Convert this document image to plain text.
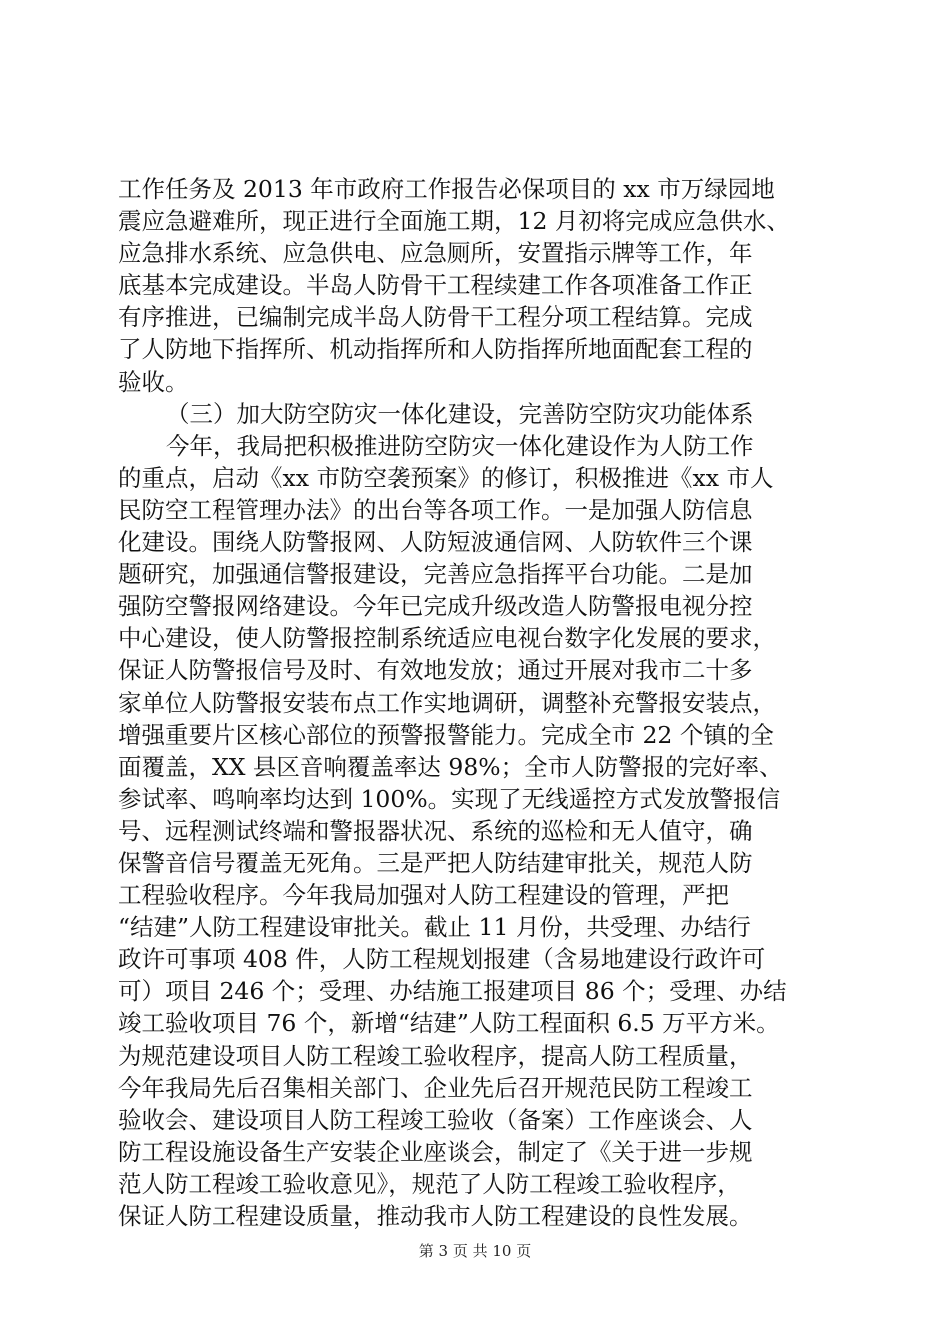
工作任务及 2013 年市政府工作报告必保项目的 xx 市万绿园地
震应急避难所，现正进行全面施工期，12 月初将完成应急供水、
应急排水系统、应急供电、应急厕所，安置指示牌等工作，年
底基本完成建设。半岛人防骨干工程续建工作各项准备工作正
有序推进，已编制完成半岛人防骨干工程分项工程结算。完成
了人防地下指挥所、机动指挥所和人防指挥所地面配套工程的
验收。
（三）加大防空防灾一体化建设，完善防空防灾功能体系
今年，我局把积极推进防空防灾一体化建设作为人防工作
的重点，启动《xx 市防空袭预案》的修订，积极推进《xx 市人
民防空工程管理办法》的出台等各项工作。一是加强人防信息
化建设。围绕人防警报网、人防短波通信网、人防软件三个课
题研究，加强通信警报建设，完善应急指挥平台功能。二是加
强防空警报网络建设。今年已完成升级改造人防警报电视分控
中心建设，使人防警报控制系统适应电视台数字化发展的要求，
保证人防警报信号及时、有效地发放；通过开展对我市二十多
家单位人防警报安装布点工作实地调研，调整补充警报安装点，
增强重要片区核心部位的预警报警能力。完成全市 22 个镇的全
面覆盖，XX 县区音响覆盖率达 98%；全市人防警报的完好率、
参试率、鸣响率均达到 100%。实现了无线遥控方式发放警报信
号、远程测试终端和警报器状况、系统的巡检和无人值守，确
保警音信号覆盖无死角。三是严把人防结建审批关，规范人防
工程验收程序。今年我局加强对人防工程建设的管理，严把
“结建”人防工程建设审批关。截止 11 月份，共受理、办结行
政许可事项 408 件，人防工程规划报建（含易地建设行政许可
可）项目 246 个；受理、办结施工报建项目 86 个；受理、办结
竣工验收项目 76 个，新增“结建”人防工程面积 6.5 万平方米。
为规范建设项目人防工程竣工验收程序，提高人防工程质量，
今年我局先后召集相关部门、企业先后召开规范民防工程竣工
验收会、建设项目人防工程竣工验收（备案）工作座谈会、人
防工程设施设备生产安装企业座谈会，制定了《关于进一步规
范人防工程竣工验收意见》，规范了人防工程竣工验收程序，
保证人防工程建设质量，推动我市人防工程建设的良性发展。
第 3 页 共 10 页
